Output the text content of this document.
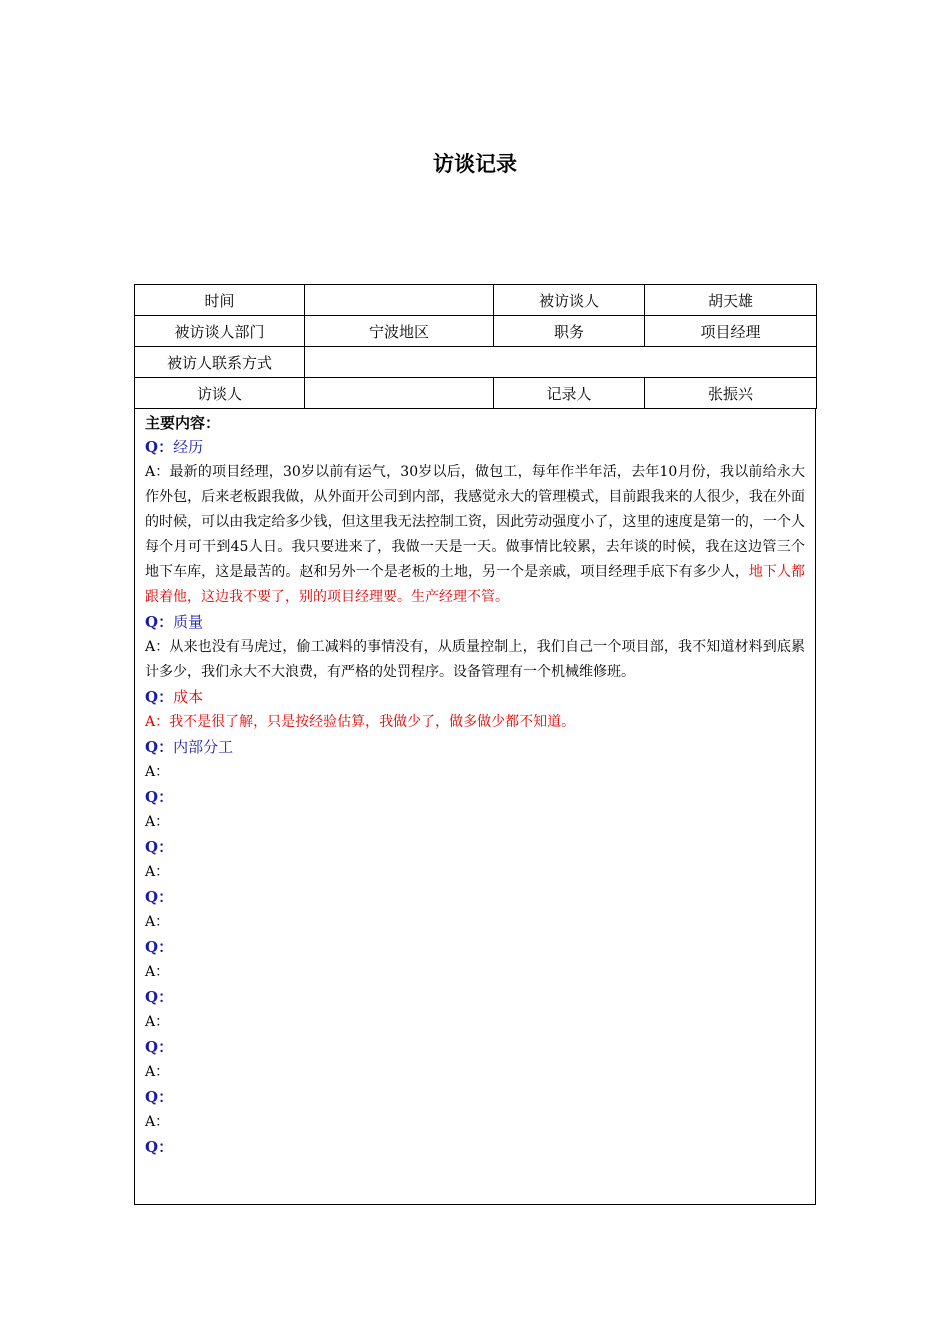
访谈记录
时间		被访谈人	胡天雄
被访谈人部门	宁波地区	职务	项目经理
被访人联系方式			
访谈人		记录人	张振兴
主要内容：
Q：经历
A：最新的项目经理，30岁以前有运气，30岁以后，做包工，每年作半年活，去年10月份，我以前给永大作外包，后来老板跟我做，从外面开公司到内部，我感觉永大的管理模式，目前跟我来的人很少，我在外面的时候，可以由我定给多少钱，但这里我无法控制工资，因此劳动强度小了，这里的速度是第一的，一个人每个月可干到45人日。我只要进来了，我做一天是一天。做事情比较累，去年谈的时候，我在这边管三个地下车库，这是最苦的。赵和另外一个是老板的土地，另一个是亲戚，项目经理手底下有多少人，地下人都跟着他，这边我不要了，别的项目经理要。生产经理不管。
Q：质量
A：从来也没有马虎过，偷工减料的事情没有，从质量控制上，我们自己一个项目部，我不知道材料到底累计多少，我们永大不大浪费，有严格的处罚程序。设备管理有一个机械维修班。
Q：成本
A：我不是很了解，只是按经验估算，我做少了，做多做少都不知道。
Q：内部分工
A：
Q：
A：
Q：
A：
Q：
A：
Q：
A：
Q：
A：
Q：
A：
Q：
A：
Q：
